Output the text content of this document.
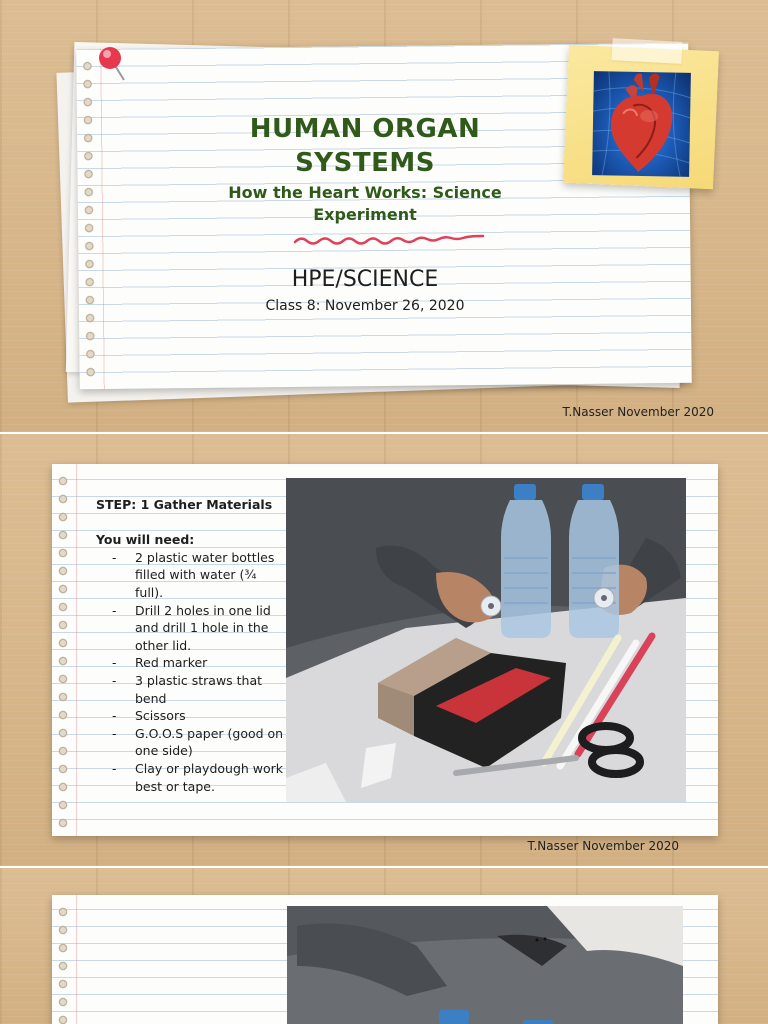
HUMAN ORGAN SYSTEMS
How the Heart Works: Science Experiment
HPE/SCIENCE
Class 8: November 26, 2020
T.Nasser November 2020
STEP: 1 Gather Materials
You will need:
- 2 plastic water bottles filled with water (¾ full).
- Drill 2 holes in one lid and drill 1 hole in the other lid.
- Red marker
- 3 plastic straws that bend
- Scissors
- G.O.O.S paper (good on one side)
- Clay or playdough work best or tape.
T.Nasser November 2020
